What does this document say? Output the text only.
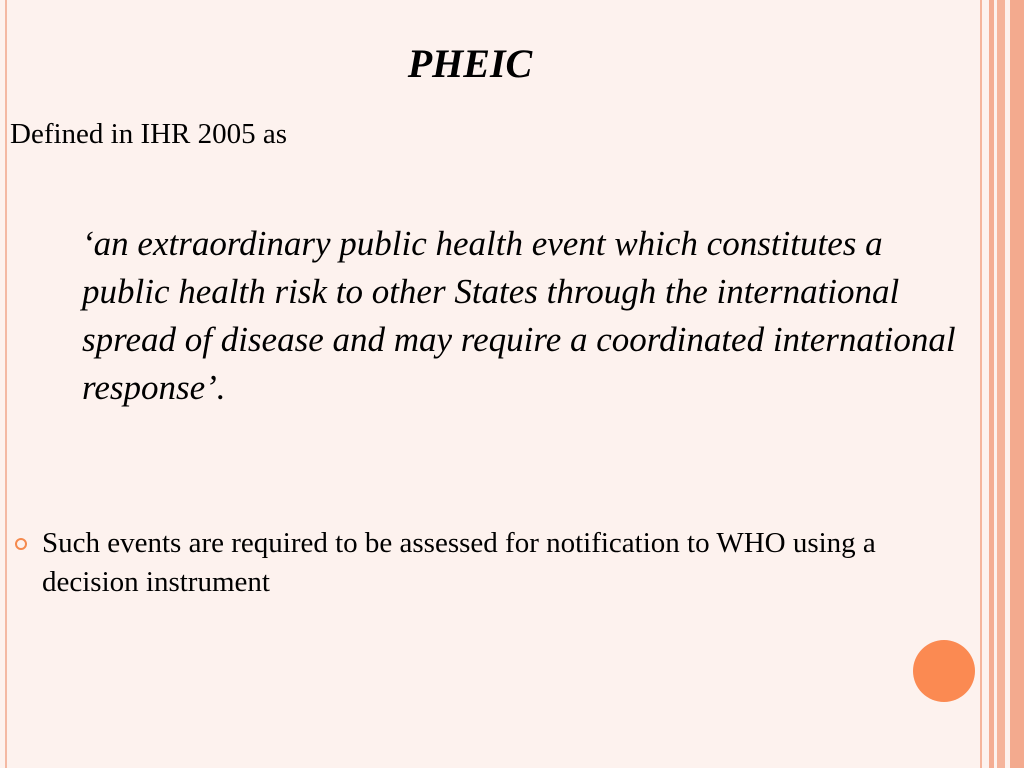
PHEIC
Defined in IHR 2005 as
‘an extraordinary public health event which constitutes a public health risk to other States through the international spread of disease and may require a coordinated international response’.
Such events are required to be assessed for notification to WHO using a decision instrument
